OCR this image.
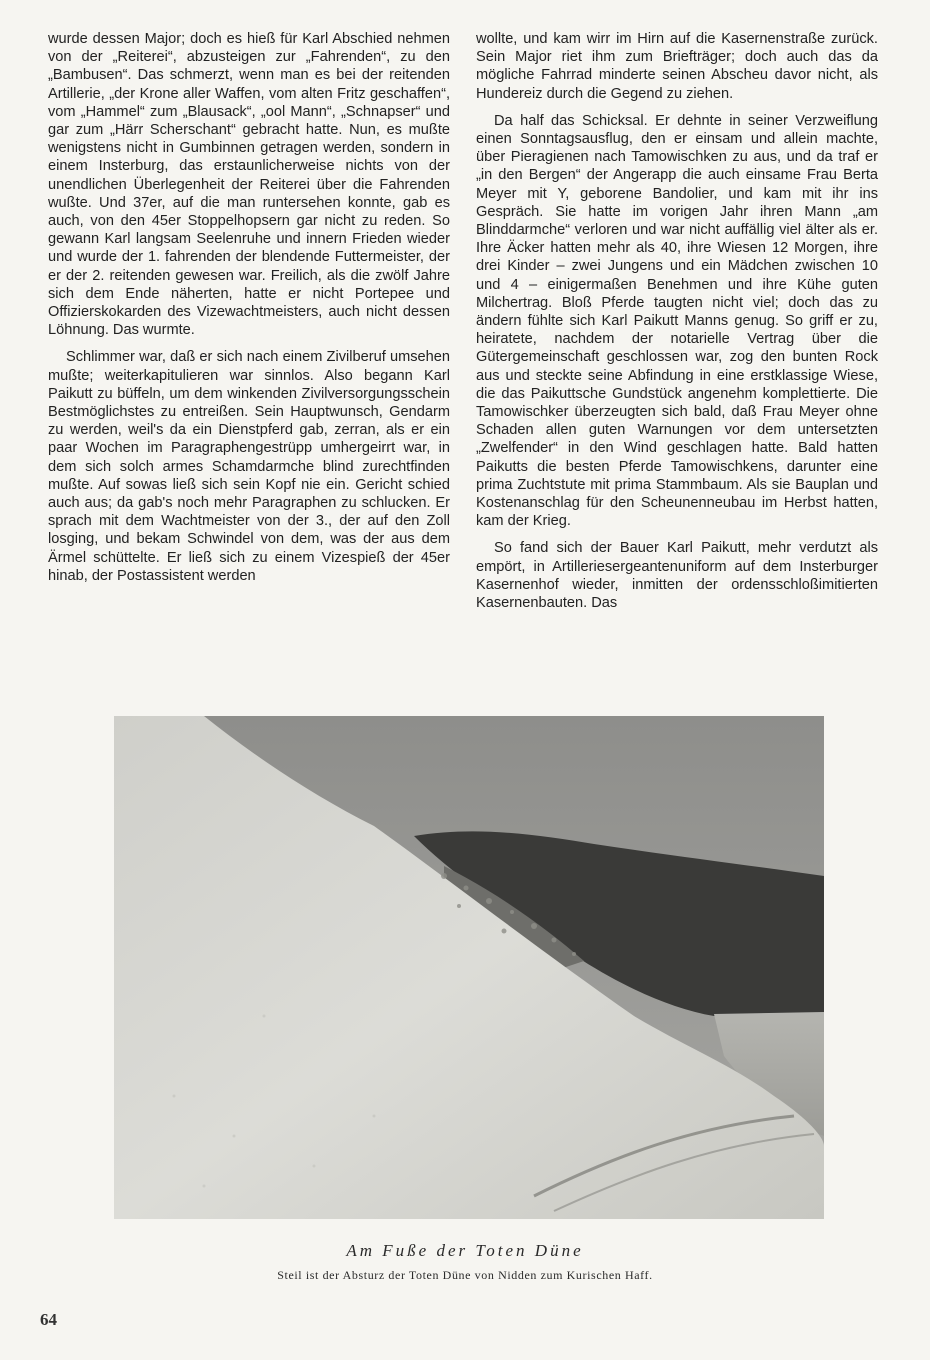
wurde dessen Major; doch es hieß für Karl Abschied nehmen von der „Reiterei“, abzusteigen zur „Fahrenden“, zu den „Bambusen“. Das schmerzt, wenn man es bei der reitenden Artillerie, „der Krone aller Waffen, vom alten Fritz geschaffen“, vom „Hammel“ zum „Blausack“, „ool Mann“, „Schnapser“ und gar zum „Härr Scherschant“ gebracht hatte. Nun, es mußte wenigstens nicht in Gumbinnen getragen werden, sondern in einem Insterburg, das erstaunlicherweise nichts von der unendlichen Überlegenheit der Reiterei über die Fahrenden wußte. Und 37er, auf die man runtersehen konnte, gab es auch, von den 45er Stoppelhopsern gar nicht zu reden. So gewann Karl langsam Seelenruhe und innern Frieden wieder und wurde der 1. fahrenden der blendende Futtermeister, der er der 2. reitenden gewesen war. Freilich, als die zwölf Jahre sich dem Ende näherten, hatte er nicht Portepee und Offizierskokarden des Vizewachtmeisters, auch nicht dessen Löhnung. Das wurmte.

Schlimmer war, daß er sich nach einem Zivilberuf umsehen mußte; weiterkapitulieren war sinnlos. Also begann Karl Paikutt zu büffeln, um dem winkenden Zivilversorgungsschein Bestmöglichstes zu entreißen. Sein Hauptwunsch, Gendarm zu werden, weil's da ein Dienstpferd gab, zerran, als er ein paar Wochen im Paragraphengestrüpp umhergeirrt war, in dem sich solch armes Schamdarmche blind zurechtfinden mußte. Auf sowas ließ sich sein Kopf nie ein. Gericht schied auch aus; da gab's noch mehr Paragraphen zu schlucken. Er sprach mit dem Wachtmeister von der 3., der auf den Zoll losging, und bekam Schwindel von dem, was der aus dem Ärmel schüttelte. Er ließ sich zu einem Vizespieß der 45er hinab, der Postassistent werden

wollte, und kam wirr im Hirn auf die Kasernenstraße zurück. Sein Major riet ihm zum Briefträger; doch auch das da mögliche Fahrrad minderte seinen Abscheu davor nicht, als Hundereiz durch die Gegend zu ziehen.

Da half das Schicksal. Er dehnte in seiner Verzweiflung einen Sonntagsausflug, den er einsam und allein machte, über Pieragienen nach Tamowischken zu aus, und da traf er „in den Bergen“ der Angerapp die auch einsame Frau Berta Meyer mit Y, geborene Bandolier, und kam mit ihr ins Gespräch. Sie hatte im vorigen Jahr ihren Mann „am Blinddarmche“ verloren und war nicht auffällig viel älter als er. Ihre Äcker hatten mehr als 40, ihre Wiesen 12 Morgen, ihre drei Kinder – zwei Jungens und ein Mädchen zwischen 10 und 4 – einigermaßen Benehmen und ihre Kühe guten Milchertrag. Bloß Pferde taugten nicht viel; doch das zu ändern fühlte sich Karl Paikutt Manns genug. So griff er zu, heiratete, nachdem der notarielle Vertrag über die Gütergemeinschaft geschlossen war, zog den bunten Rock aus und steckte seine Abfindung in eine erstklassige Wiese, die das Paikuttsche Gundstück angenehm komplettierte. Die Tamowischker überzeugten sich bald, daß Frau Meyer ohne Schaden allen guten Warnungen vor dem untersetzten „Zwelfender“ in den Wind geschlagen hatte. Bald hatten Paikutts die besten Pferde Tamowischkens, darunter eine prima Zuchtstute mit prima Stammbaum. Als sie Bauplan und Kostenanschlag für den Scheunenneubau im Herbst hatten, kam der Krieg.

So fand sich der Bauer Karl Paikutt, mehr verdutzt als empört, in Artilleriesergeantenuniform auf dem Insterburger Kasernenhof wieder, inmitten der ordensschloßimitierten Kasernenbauten. Das

Am Fuße der Toten Düne
Steil ist der Absturz der Toten Düne von Nidden zum Kurischen Haff.
64
